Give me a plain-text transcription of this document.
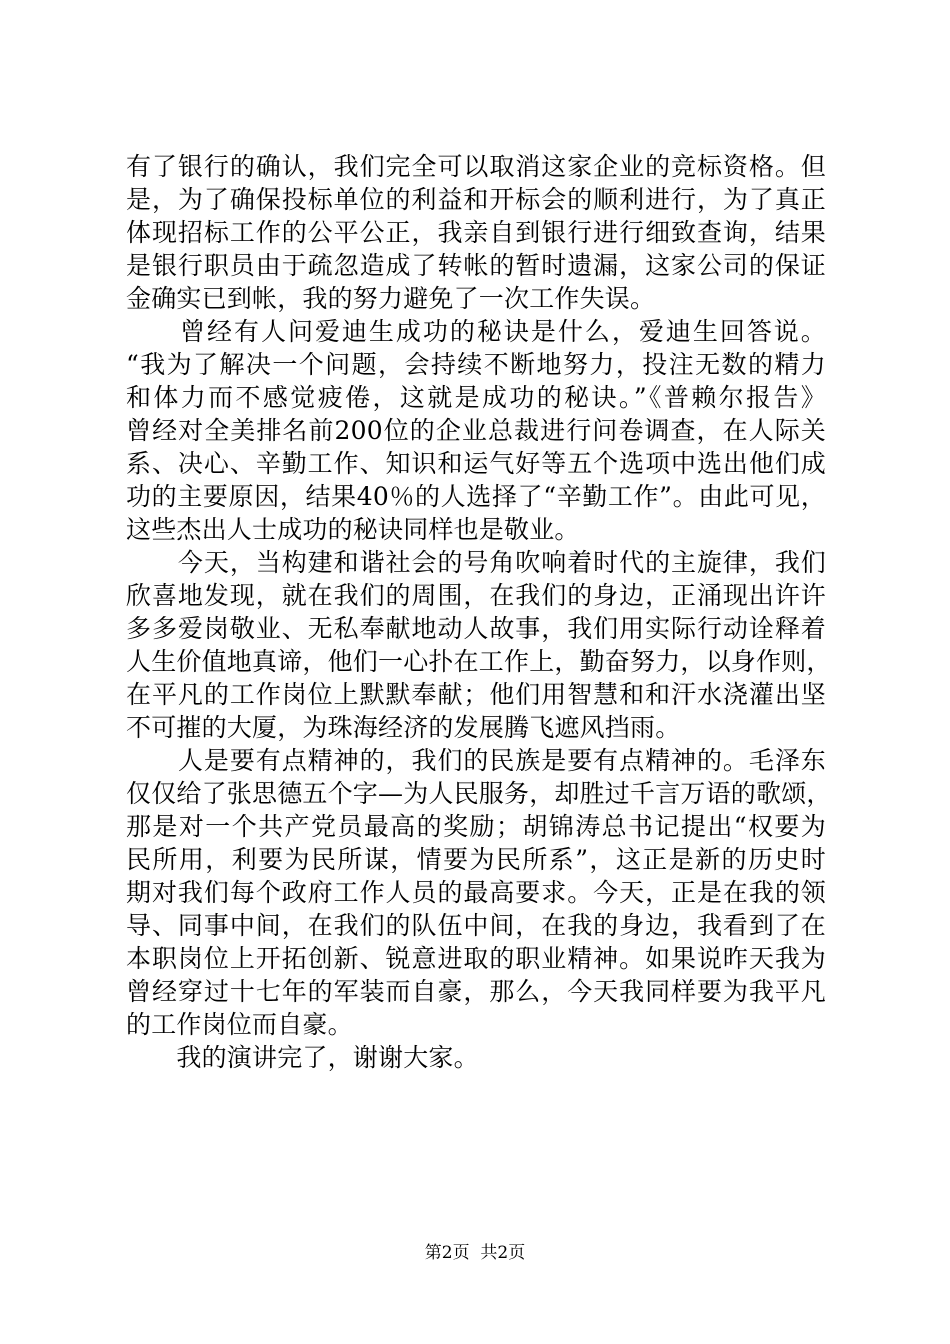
有了银行的确认，我们完全可以取消这家企业的竞标资格。但
是，为了确保投标单位的利益和开标会的顺利进行，为了真正
体现招标工作的公平公正，我亲自到银行进行细致查询，结果
是银行职员由于疏忽造成了转帐的暂时遗漏，这家公司的保证
金确实已到帐，我的努力避免了一次工作失误。
　　曾经有人问爱迪生成功的秘诀是什么，爱迪生回答说。
“我为了解决一个问题，会持续不断地努力，投注无数的精力
和体力而不感觉疲倦，这就是成功的秘诀。”《普赖尔报告》
曾经对全美排名前200位的企业总裁进行问卷调查，在人际关
系、决心、辛勤工作、知识和运气好等五个选项中选出他们成
功的主要原因，结果40％的人选择了“辛勤工作”。由此可见，
这些杰出人士成功的秘诀同样也是敬业。
　　今天，当构建和谐社会的号角吹响着时代的主旋律，我们
欣喜地发现，就在我们的周围，在我们的身边，正涌现出许许
多多爱岗敬业、无私奉献地动人故事，我们用实际行动诠释着
人生价值地真谛，他们一心扑在工作上，勤奋努力，以身作则，
在平凡的工作岗位上默默奉献；他们用智慧和和汗水浇灌出坚
不可摧的大厦，为珠海经济的发展腾飞遮风挡雨。
　　人是要有点精神的，我们的民族是要有点精神的。毛泽东
仅仅给了张思德五个字—为人民服务，却胜过千言万语的歌颂，
那是对一个共产党员最高的奖励；胡锦涛总书记提出“权要为
民所用，利要为民所谋，情要为民所系”，这正是新的历史时
期对我们每个政府工作人员的最高要求。今天，正是在我的领
导、同事中间，在我们的队伍中间，在我的身边，我看到了在
本职岗位上开拓创新、锐意进取的职业精神。如果说昨天我为
曾经穿过十七年的军装而自豪，那么，今天我同样要为我平凡
的工作岗位而自豪。
　　我的演讲完了，谢谢大家。
第2页 共2页
